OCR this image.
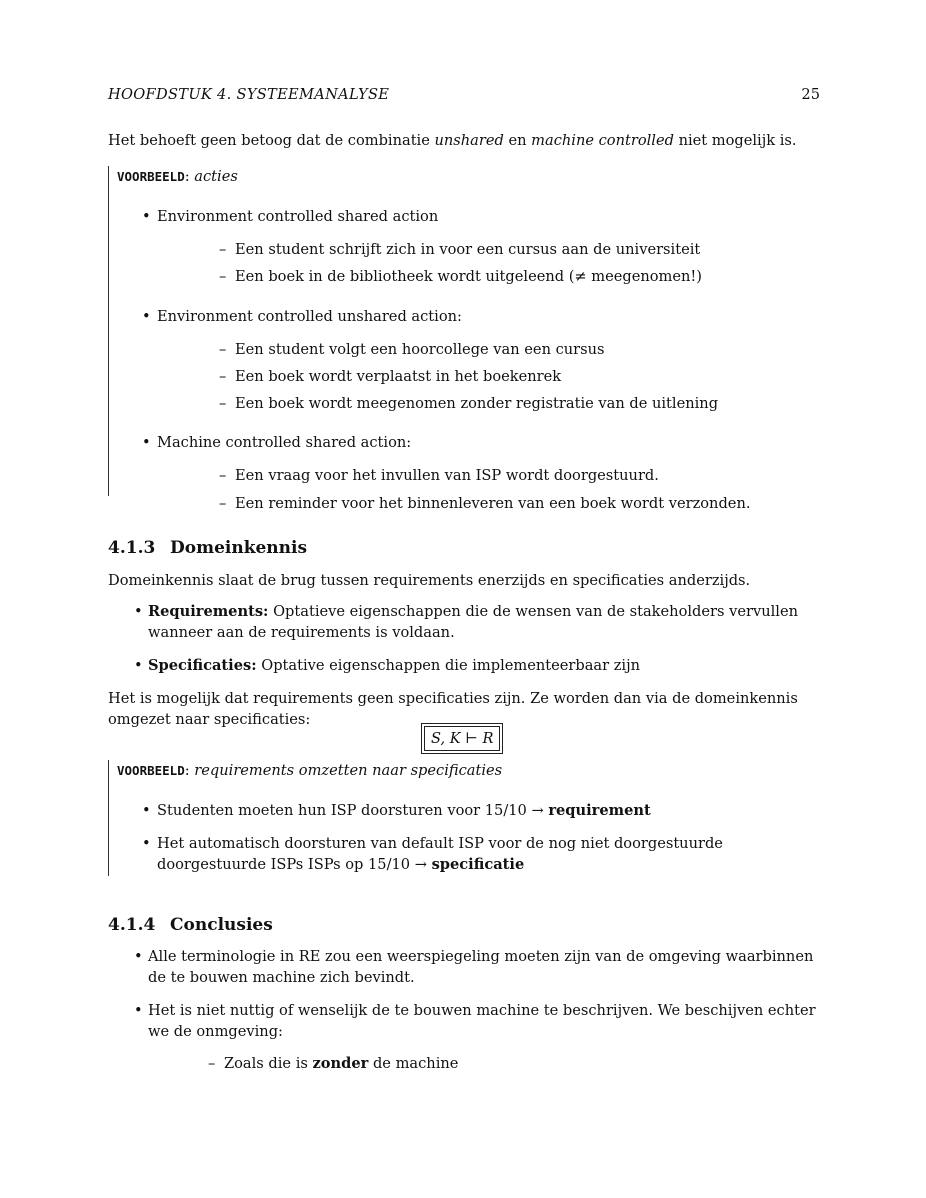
HOOFDSTUK 4. SYSTEEMANALYSE	25

Het behoeft geen betoog dat de combinatie unshared en machine controlled niet mogelijk is.

VOORBEELD: acties
• Environment controlled shared action
– Een student schrijft zich in voor een cursus aan de universiteit
– Een boek in de bibliotheek wordt uitgeleend (≠ meegenomen!)
• Environment controlled unshared action:
– Een student volgt een hoorcollege van een cursus
– Een boek wordt verplaatst in het boekenrek
– Een boek wordt meegenomen zonder registratie van de uitlening
• Machine controlled shared action:
– Een vraag voor het invullen van ISP wordt doorgestuurd.
– Een reminder voor het binnenleveren van een boek wordt verzonden.
4.1.3 Domeinkennis

Domeinkennis slaat de brug tussen requirements enerzijds en specificaties anderzijds.

• Requirements: Optatieve eigenschappen die de wensen van de stakeholders vervullen wanneer aan de requirements is voldaan.
• Specificaties: Optative eigenschappen die implementeerbaar zijn

Het is mogelijk dat requirements geen specificaties zijn. Ze worden dan via de domeinkennis omgezet naar specificaties:

S, K ⊢ R
VOORBEELD: requirements omzetten naar specificaties
• Studenten moeten hun ISP doorsturen voor 15/10 → requirement
• Het automatisch doorsturen van default ISP voor de nog niet doorgestuurde doorgestuurde ISPs ISPs op 15/10 → specificatie
4.1.4 Conclusies
• Alle terminologie in RE zou een weerspiegeling moeten zijn van de omgeving waarbinnen de te bouwen machine zich bevindt.
• Het is niet nuttig of wenselijk de te bouwen machine te beschrijven. We beschijven echter we de onmgeving:
– Zoals die is zonder de machine
